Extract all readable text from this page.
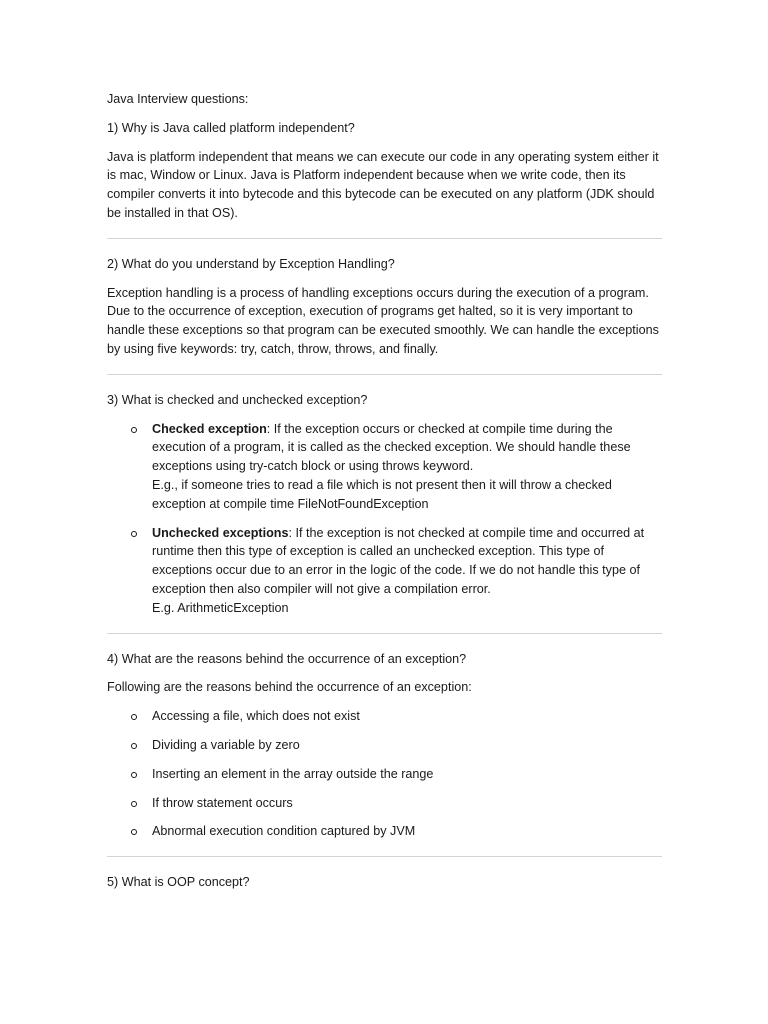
Java Interview questions:
1) Why is Java called platform independent?

Java is platform independent that means we can execute our code in any operating system either it is mac, Window or Linux. Java is Platform independent because when we write code, then its compiler converts it into bytecode and this bytecode can be executed on any platform (JDK should be installed in that OS).

2) What do you understand by Exception Handling?

Exception handling is a process of handling exceptions occurs during the execution of a program. Due to the occurrence of exception, execution of programs get halted, so it is very important to handle these exceptions so that program can be executed smoothly. We can handle the exceptions by using five keywords: try, catch, throw, throws, and finally.

3) What is checked and unchecked exception?
Checked exception: If the exception occurs or checked at compile time during the execution of a program, it is called as the checked exception. We should handle these exceptions using try-catch block or using throws keyword.
E.g., if someone tries to read a file which is not present then it will throw a checked exception at compile time FileNotFoundException
Unchecked exceptions: If the exception is not checked at compile time and occurred at runtime then this type of exception is called an unchecked exception. This type of exceptions occur due to an error in the logic of the code. If we do not handle this type of exception then also compiler will not give a compilation error.
E.g. ArithmeticException
4) What are the reasons behind the occurrence of an exception?

Following are the reasons behind the occurrence of an exception:

Accessing a file, which does not exist
Dividing a variable by zero
Inserting an element in the array outside the range
If throw statement occurs
Abnormal execution condition captured by JVM
5) What is OOP concept?
